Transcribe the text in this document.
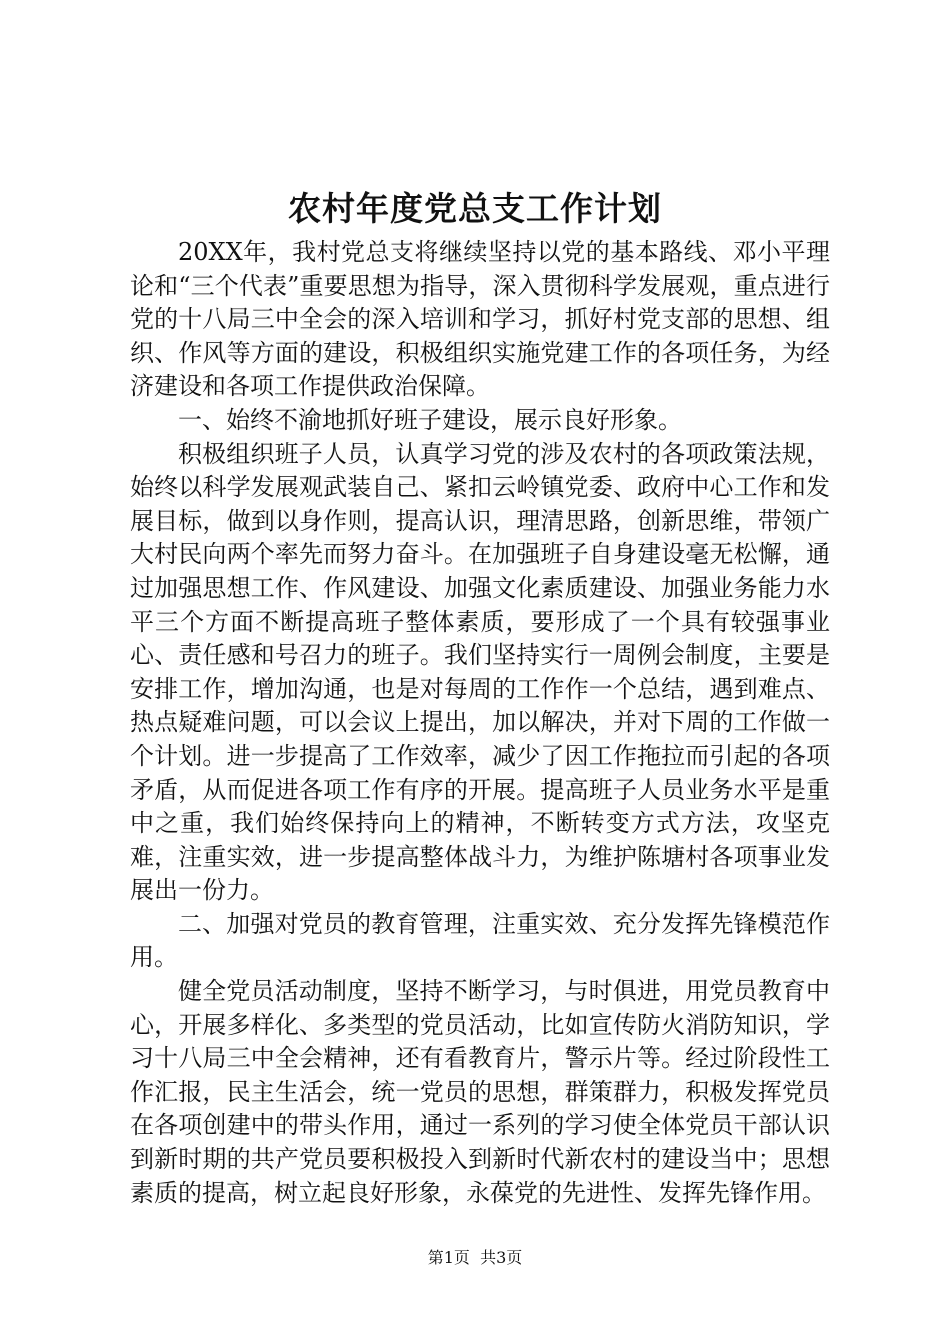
农村年度党总支工作计划

20XX年，我村党总支将继续坚持以党的基本路线、邓小平理论和“三个代表”重要思想为指导，深入贯彻科学发展观，重点进行党的十八局三中全会的深入培训和学习，抓好村党支部的思想、组织、作风等方面的建设，积极组织实施党建工作的各项任务，为经济建设和各项工作提供政治保障。

一、始终不渝地抓好班子建设，展示良好形象。

积极组织班子人员，认真学习党的涉及农村的各项政策法规，始终以科学发展观武装自己、紧扣云岭镇党委、政府中心工作和发展目标，做到以身作则，提高认识，理清思路，创新思维，带领广大村民向两个率先而努力奋斗。在加强班子自身建设毫无松懈，通过加强思想工作、作风建设、加强文化素质建设、加强业务能力水平三个方面不断提高班子整体素质，要形成了一个具有较强事业心、责任感和号召力的班子。我们坚持实行一周例会制度，主要是安排工作，增加沟通，也是对每周的工作作一个总结，遇到难点、热点疑难问题，可以会议上提出，加以解决，并对下周的工作做一个计划。进一步提高了工作效率，减少了因工作拖拉而引起的各项矛盾，从而促进各项工作有序的开展。提高班子人员业务水平是重中之重，我们始终保持向上的精神，不断转变方式方法，攻坚克难，注重实效，进一步提高整体战斗力，为维护陈塘村各项事业发展出一份力。

二、加强对党员的教育管理，注重实效、充分发挥先锋模范作用。

健全党员活动制度，坚持不断学习，与时俱进，用党员教育中心，开展多样化、多类型的党员活动，比如宣传防火消防知识，学习十八局三中全会精神，还有看教育片，警示片等。经过阶段性工作汇报，民主生活会，统一党员的思想，群策群力，积极发挥党员在各项创建中的带头作用，通过一系列的学习使全体党员干部认识到新时期的共产党员要积极投入到新时代新农村的建设当中；思想素质的提高，树立起良好形象，永葆党的先进性、发挥先锋作用。

第1页  共3页
